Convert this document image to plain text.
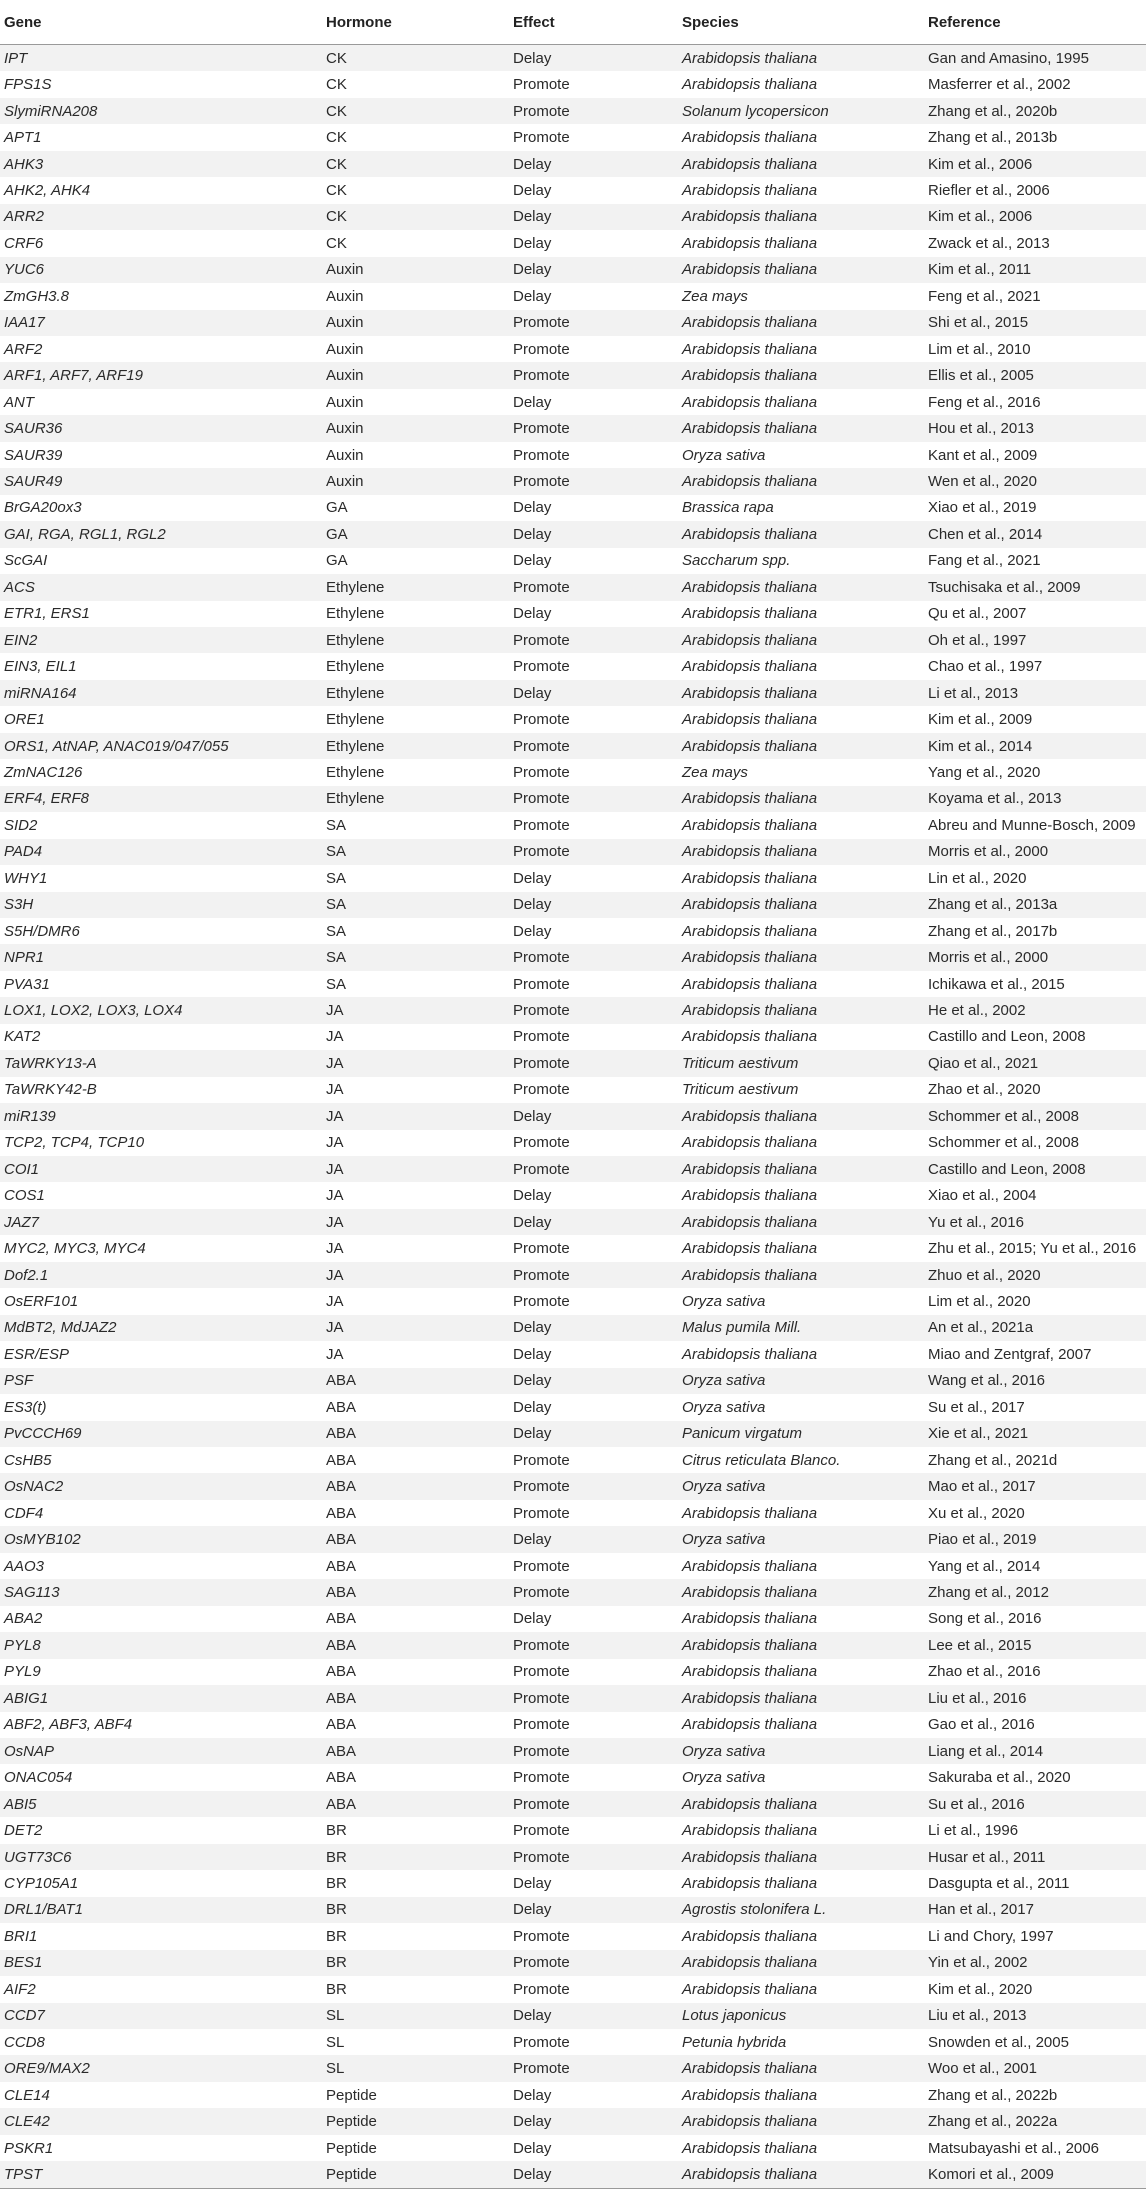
Gene	Hormone	Effect	Species	Reference
IPT	CK	Delay	Arabidopsis thaliana	Gan and Amasino, 1995
FPS1S	CK	Promote	Arabidopsis thaliana	Masferrer et al., 2002
SlymiRNA208	CK	Promote	Solanum lycopersicon	Zhang et al., 2020b
APT1	CK	Promote	Arabidopsis thaliana	Zhang et al., 2013b
AHK3	CK	Delay	Arabidopsis thaliana	Kim et al., 2006
AHK2, AHK4	CK	Delay	Arabidopsis thaliana	Riefler et al., 2006
ARR2	CK	Delay	Arabidopsis thaliana	Kim et al., 2006
CRF6	CK	Delay	Arabidopsis thaliana	Zwack et al., 2013
YUC6	Auxin	Delay	Arabidopsis thaliana	Kim et al., 2011
ZmGH3.8	Auxin	Delay	Zea mays	Feng et al., 2021
IAA17	Auxin	Promote	Arabidopsis thaliana	Shi et al., 2015
ARF2	Auxin	Promote	Arabidopsis thaliana	Lim et al., 2010
ARF1, ARF7, ARF19	Auxin	Promote	Arabidopsis thaliana	Ellis et al., 2005
ANT	Auxin	Delay	Arabidopsis thaliana	Feng et al., 2016
SAUR36	Auxin	Promote	Arabidopsis thaliana	Hou et al., 2013
SAUR39	Auxin	Promote	Oryza sativa	Kant et al., 2009
SAUR49	Auxin	Promote	Arabidopsis thaliana	Wen et al., 2020
BrGA20ox3	GA	Delay	Brassica rapa	Xiao et al., 2019
GAI, RGA, RGL1, RGL2	GA	Delay	Arabidopsis thaliana	Chen et al., 2014
ScGAI	GA	Delay	Saccharum spp.	Fang et al., 2021
ACS	Ethylene	Promote	Arabidopsis thaliana	Tsuchisaka et al., 2009
ETR1, ERS1	Ethylene	Delay	Arabidopsis thaliana	Qu et al., 2007
EIN2	Ethylene	Promote	Arabidopsis thaliana	Oh et al., 1997
EIN3, EIL1	Ethylene	Promote	Arabidopsis thaliana	Chao et al., 1997
miRNA164	Ethylene	Delay	Arabidopsis thaliana	Li et al., 2013
ORE1	Ethylene	Promote	Arabidopsis thaliana	Kim et al., 2009
ORS1, AtNAP, ANAC019/047/055	Ethylene	Promote	Arabidopsis thaliana	Kim et al., 2014
ZmNAC126	Ethylene	Promote	Zea mays	Yang et al., 2020
ERF4, ERF8	Ethylene	Promote	Arabidopsis thaliana	Koyama et al., 2013
SID2	SA	Promote	Arabidopsis thaliana	Abreu and Munne-Bosch, 2009
PAD4	SA	Promote	Arabidopsis thaliana	Morris et al., 2000
WHY1	SA	Delay	Arabidopsis thaliana	Lin et al., 2020
S3H	SA	Delay	Arabidopsis thaliana	Zhang et al., 2013a
S5H/DMR6	SA	Delay	Arabidopsis thaliana	Zhang et al., 2017b
NPR1	SA	Promote	Arabidopsis thaliana	Morris et al., 2000
PVA31	SA	Promote	Arabidopsis thaliana	Ichikawa et al., 2015
LOX1, LOX2, LOX3, LOX4	JA	Promote	Arabidopsis thaliana	He et al., 2002
KAT2	JA	Promote	Arabidopsis thaliana	Castillo and Leon, 2008
TaWRKY13-A	JA	Promote	Triticum aestivum	Qiao et al., 2021
TaWRKY42-B	JA	Promote	Triticum aestivum	Zhao et al., 2020
miR139	JA	Delay	Arabidopsis thaliana	Schommer et al., 2008
TCP2, TCP4, TCP10	JA	Promote	Arabidopsis thaliana	Schommer et al., 2008
COI1	JA	Promote	Arabidopsis thaliana	Castillo and Leon, 2008
COS1	JA	Delay	Arabidopsis thaliana	Xiao et al., 2004
JAZ7	JA	Delay	Arabidopsis thaliana	Yu et al., 2016
MYC2, MYC3, MYC4	JA	Promote	Arabidopsis thaliana	Zhu et al., 2015; Yu et al., 2016
Dof2.1	JA	Promote	Arabidopsis thaliana	Zhuo et al., 2020
OsERF101	JA	Promote	Oryza sativa	Lim et al., 2020
MdBT2, MdJAZ2	JA	Delay	Malus pumila Mill.	An et al., 2021a
ESR/ESP	JA	Delay	Arabidopsis thaliana	Miao and Zentgraf, 2007
PSF	ABA	Delay	Oryza sativa	Wang et al., 2016
ES3(t)	ABA	Delay	Oryza sativa	Su et al., 2017
PvCCCH69	ABA	Delay	Panicum virgatum	Xie et al., 2021
CsHB5	ABA	Promote	Citrus reticulata Blanco.	Zhang et al., 2021d
OsNAC2	ABA	Promote	Oryza sativa	Mao et al., 2017
CDF4	ABA	Promote	Arabidopsis thaliana	Xu et al., 2020
OsMYB102	ABA	Delay	Oryza sativa	Piao et al., 2019
AAO3	ABA	Promote	Arabidopsis thaliana	Yang et al., 2014
SAG113	ABA	Promote	Arabidopsis thaliana	Zhang et al., 2012
ABA2	ABA	Delay	Arabidopsis thaliana	Song et al., 2016
PYL8	ABA	Promote	Arabidopsis thaliana	Lee et al., 2015
PYL9	ABA	Promote	Arabidopsis thaliana	Zhao et al., 2016
ABIG1	ABA	Promote	Arabidopsis thaliana	Liu et al., 2016
ABF2, ABF3, ABF4	ABA	Promote	Arabidopsis thaliana	Gao et al., 2016
OsNAP	ABA	Promote	Oryza sativa	Liang et al., 2014
ONAC054	ABA	Promote	Oryza sativa	Sakuraba et al., 2020
ABI5	ABA	Promote	Arabidopsis thaliana	Su et al., 2016
DET2	BR	Promote	Arabidopsis thaliana	Li et al., 1996
UGT73C6	BR	Promote	Arabidopsis thaliana	Husar et al., 2011
CYP105A1	BR	Delay	Arabidopsis thaliana	Dasgupta et al., 2011
DRL1/BAT1	BR	Delay	Agrostis stolonifera L.	Han et al., 2017
BRI1	BR	Promote	Arabidopsis thaliana	Li and Chory, 1997
BES1	BR	Promote	Arabidopsis thaliana	Yin et al., 2002
AIF2	BR	Promote	Arabidopsis thaliana	Kim et al., 2020
CCD7	SL	Delay	Lotus japonicus	Liu et al., 2013
CCD8	SL	Promote	Petunia hybrida	Snowden et al., 2005
ORE9/MAX2	SL	Promote	Arabidopsis thaliana	Woo et al., 2001
CLE14	Peptide	Delay	Arabidopsis thaliana	Zhang et al., 2022b
CLE42	Peptide	Delay	Arabidopsis thaliana	Zhang et al., 2022a
PSKR1	Peptide	Delay	Arabidopsis thaliana	Matsubayashi et al., 2006
TPST	Peptide	Delay	Arabidopsis thaliana	Komori et al., 2009
